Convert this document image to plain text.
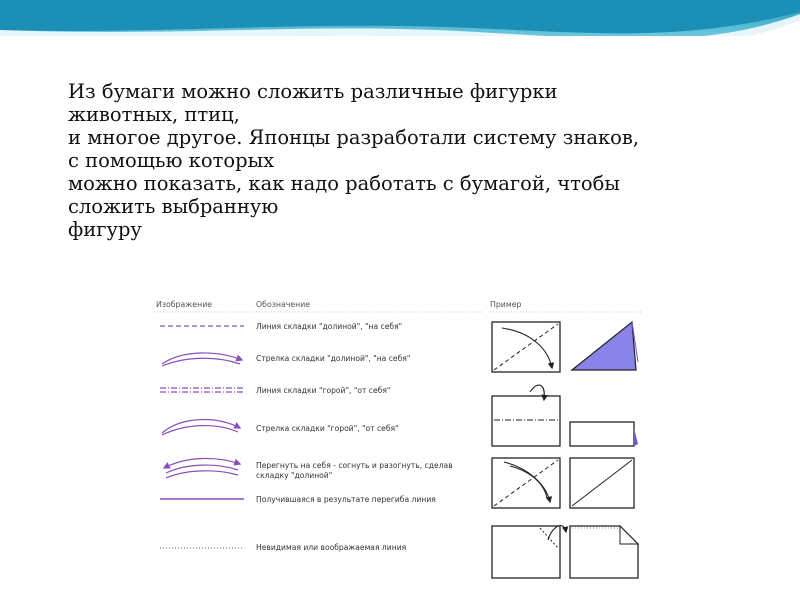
Из бумаги можно сложить различные фигурки
животных, птиц,
и многое другое. Японцы разработали систему знаков,
с помощью которых
можно показать, как надо работать с бумагой, чтобы
сложить выбранную
фигуру
Изображение	Обозначение	Пример
Линия складки "долиной", "на себя"
Стрелка складки "долиной", "на себя"
Линия складки "горой", "от себя"
Стрелка складки "горой", "от себя"
Перегнуть на себя - согнуть и разогнуть, сделав
складку "долиной"
Получившаяся в результате перегиба линия
Невидимая или воображаемая линия
